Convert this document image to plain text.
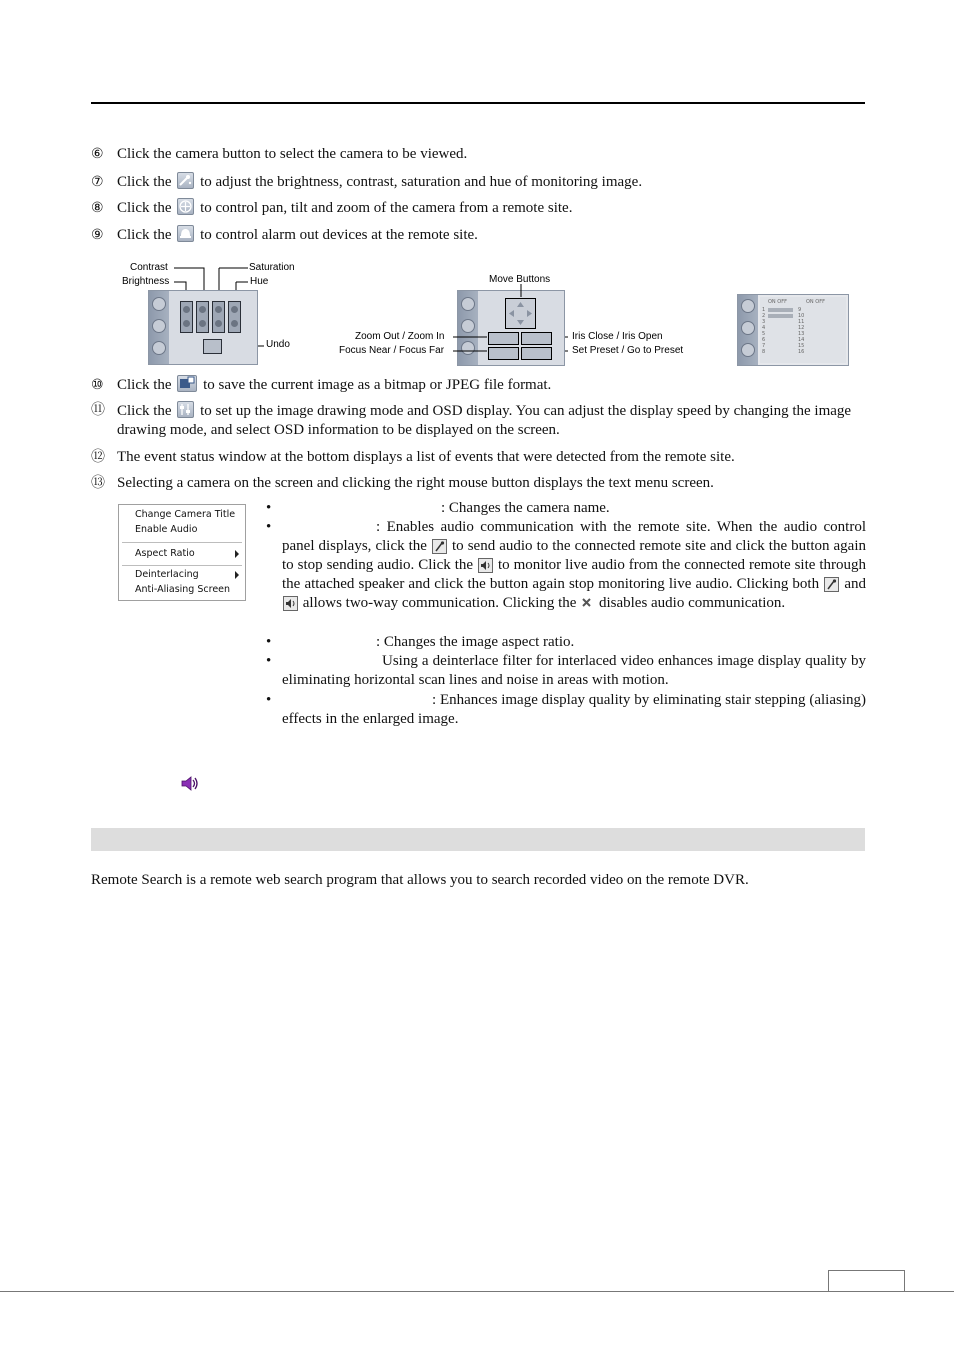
⑥ Click the camera button to select the camera to be viewed.
⑦ Click the to adjust the brightness, contrast, saturation and hue of monitoring image.
⑧ Click the to control pan, tilt and zoom of the camera from a remote site.
⑨ Click the to control alarm out devices at the remote site.
Contrast
Brightness
Saturation
Hue
Undo
Move Buttons
Zoom Out / Zoom In
Focus Near / Focus Far
Iris Close / Iris Open
Set Preset / Go to Preset
ON OFF	ON OFF
1
2
3
4
5
6
7
8
9
10
11
12
13
14
15
16
⑩ Click the to save the current image as a bitmap or JPEG file format.
⑪ Click the to set up the image drawing mode and OSD display. You can adjust the display speed by changing the image drawing mode, and select OSD information to be displayed on the screen.
⑫ The event status window at the bottom displays a list of events that were detected from the remote site.
⑬ Selecting a camera on the screen and clicking the right mouse button displays the text menu screen.
Change Camera Title
Enable Audio
Aspect Ratio
Deinterlacing
Anti-Aliasing Screen
•	: Changes the camera name.
•	: Enables audio communication with the remote site. When the audio control panel displays, click the to send audio to the connected remote site and click the button again to stop sending audio. Click the to monitor live audio from the connected remote site through the attached speaker and click the button again stop monitoring live audio. Clicking both and  allows two-way communication. Clicking the disables audio communication.
•	: Changes the image aspect ratio.
•	Using a deinterlace filter for interlaced video enhances image display quality by eliminating horizontal scan lines and noise in areas with motion.
•	: Enhances image display quality by eliminating stair stepping (aliasing) effects in the enlarged image.
Remote Search is a remote web search program that allows you to search recorded video on the remote DVR.
